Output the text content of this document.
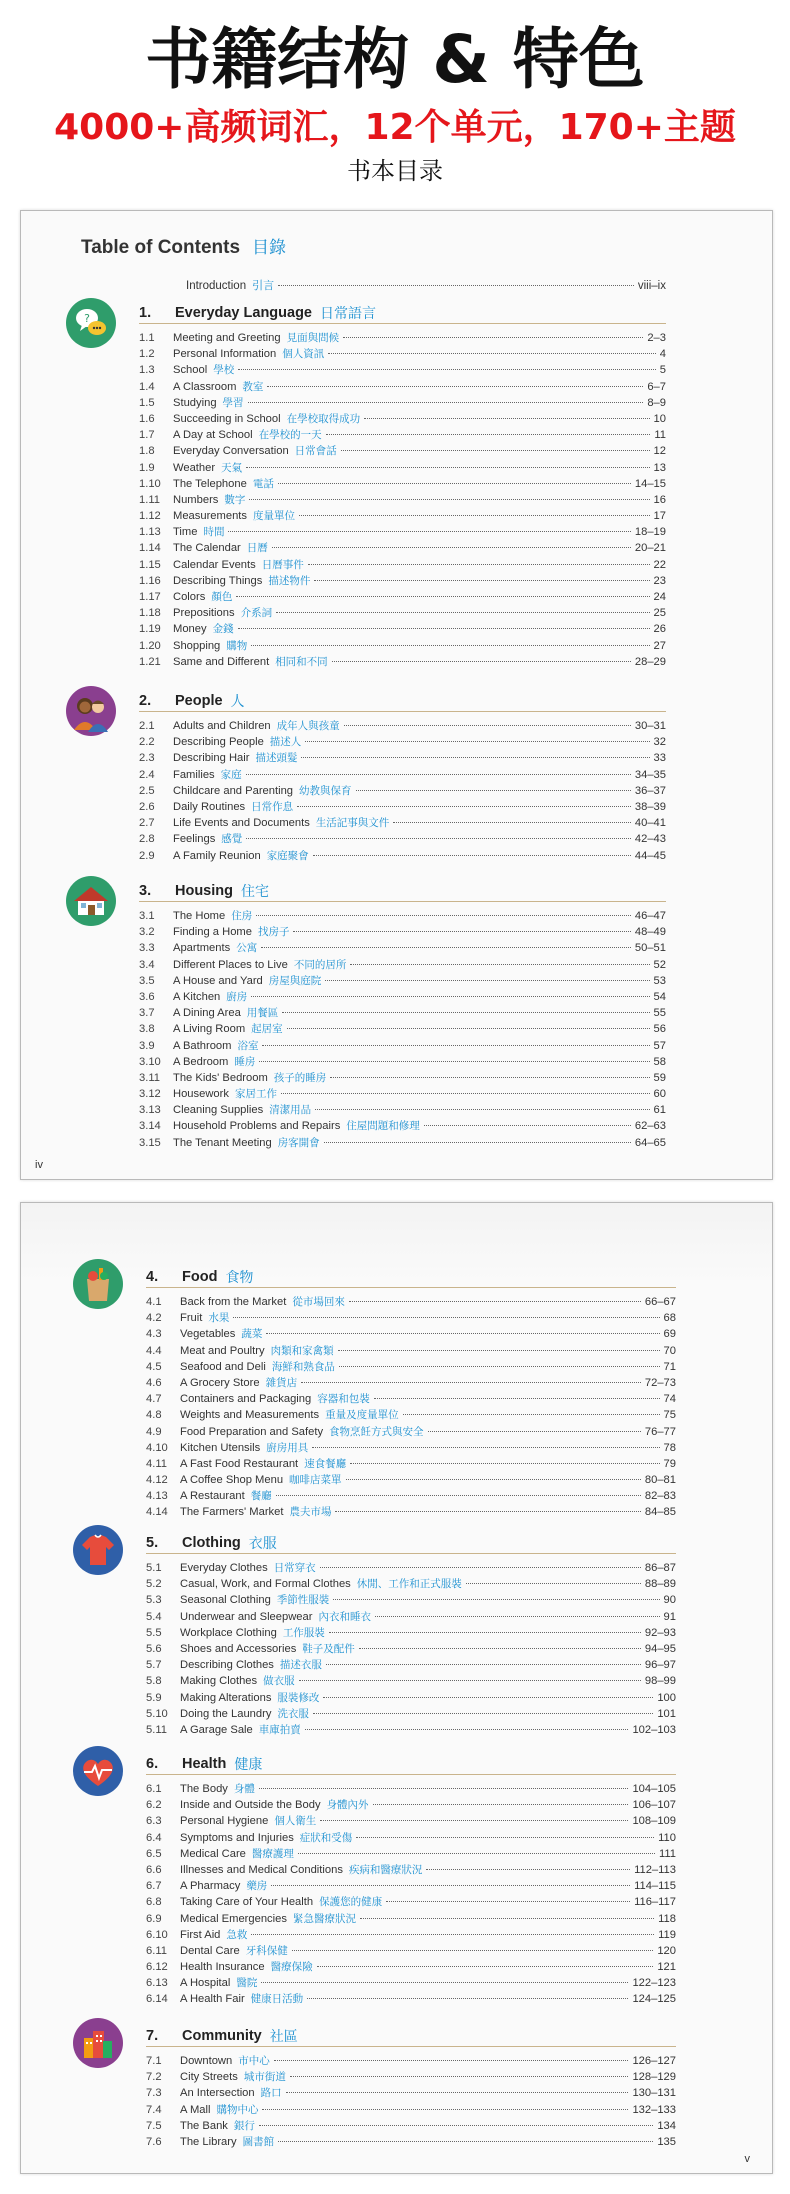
书籍结构 & 特色
4000+高频词汇，12个单元，170+主题
书本目录
Table of Contents 目錄
Introduction 引言	viii–ix
?	1.	Everyday Language 日常語言
1.1	Meeting and Greeting 見面與問候	2–3
1.2	Personal Information 個人資訊	4
1.3	School 學校	5
1.4	A Classroom 教室	6–7
1.5	Studying 學習	8–9
1.6	Succeeding in School 在學校取得成功	10
1.7	A Day at School 在學校的一天	11
1.8	Everyday Conversation 日常會話	12
1.9	Weather 天氣	13
1.10	The Telephone 電話	14–15
1.11	Numbers 數字	16
1.12	Measurements 度量單位	17
1.13	Time 時間	18–19
1.14	The Calendar 日曆	20–21
1.15	Calendar Events 日曆事件	22
1.16	Describing Things 描述物件	23
1.17	Colors 顏色	24
1.18	Prepositions 介系詞	25
1.19	Money 金錢	26
1.20	Shopping 購物	27
1.21	Same and Different 相同和不同	28–29
2.	People 人
2.1	Adults and Children 成年人與孩童	30–31
2.2	Describing People 描述人	32
2.3	Describing Hair 描述頭髮	33
2.4	Families 家庭	34–35
2.5	Childcare and Parenting 幼教與保育	36–37
2.6	Daily Routines 日常作息	38–39
2.7	Life Events and Documents 生活記事與文件	40–41
2.8	Feelings 感覺	42–43
2.9	A Family Reunion 家庭聚會	44–45
3.	Housing 住宅
3.1	The Home 住房	46–47
3.2	Finding a Home 找房子	48–49
3.3	Apartments 公寓	50–51
3.4	Different Places to Live 不同的居所	52
3.5	A House and Yard 房屋與庭院	53
3.6	A Kitchen 廚房	54
3.7	A Dining Area 用餐區	55
3.8	A Living Room 起居室	56
3.9	A Bathroom 浴室	57
3.10	A Bedroom 睡房	58
3.11	The Kids' Bedroom 孩子的睡房	59
3.12	Housework 家居工作	60
3.13	Cleaning Supplies 清潔用品	61
3.14	Household Problems and Repairs 住屋問題和修理	62–63
3.15	The Tenant Meeting 房客開會	64–65
iv
4.	Food 食物
4.1	Back from the Market 從市場回來	66–67
4.2	Fruit 水果	68
4.3	Vegetables 蔬菜	69
4.4	Meat and Poultry 肉類和家禽類	70
4.5	Seafood and Deli 海鮮和熟食品	71
4.6	A Grocery Store 雜貨店	72–73
4.7	Containers and Packaging 容器和包裝	74
4.8	Weights and Measurements 重量及度量單位	75
4.9	Food Preparation and Safety 食物烹飪方式與安全	76–77
4.10	Kitchen Utensils 廚房用具	78
4.11	A Fast Food Restaurant 速食餐廳	79
4.12	A Coffee Shop Menu 咖啡店菜單	80–81
4.13	A Restaurant 餐廳	82–83
4.14	The Farmers' Market 農夫市場	84–85
5.	Clothing 衣服
5.1	Everyday Clothes 日常穿衣	86–87
5.2	Casual, Work, and Formal Clothes 休閒、工作和正式服裝	88–89
5.3	Seasonal Clothing 季節性服裝	90
5.4	Underwear and Sleepwear 內衣和睡衣	91
5.5	Workplace Clothing 工作服裝	92–93
5.6	Shoes and Accessories 鞋子及配件	94–95
5.7	Describing Clothes 描述衣服	96–97
5.8	Making Clothes 做衣服	98–99
5.9	Making Alterations 服裝修改	100
5.10	Doing the Laundry 洗衣服	101
5.11	A Garage Sale 車庫拍賣	102–103
6.	Health 健康
6.1	The Body 身體	104–105
6.2	Inside and Outside the Body 身體內外	106–107
6.3	Personal Hygiene 個人衛生	108–109
6.4	Symptoms and Injuries 症狀和受傷	110
6.5	Medical Care 醫療護理	111
6.6	Illnesses and Medical Conditions 疾病和醫療狀況	112–113
6.7	A Pharmacy 藥房	114–115
6.8	Taking Care of Your Health 保護您的健康	116–117
6.9	Medical Emergencies 緊急醫療狀況	118
6.10	First Aid 急救	119
6.11	Dental Care 牙科保健	120
6.12	Health Insurance 醫療保險	121
6.13	A Hospital 醫院	122–123
6.14	A Health Fair 健康日活動	124–125
7.	Community 社區
7.1	Downtown 市中心	126–127
7.2	City Streets 城市街道	128–129
7.3	An Intersection 路口	130–131
7.4	A Mall 購物中心	132–133
7.5	The Bank 銀行	134
7.6	The Library 圖書館	135
v
